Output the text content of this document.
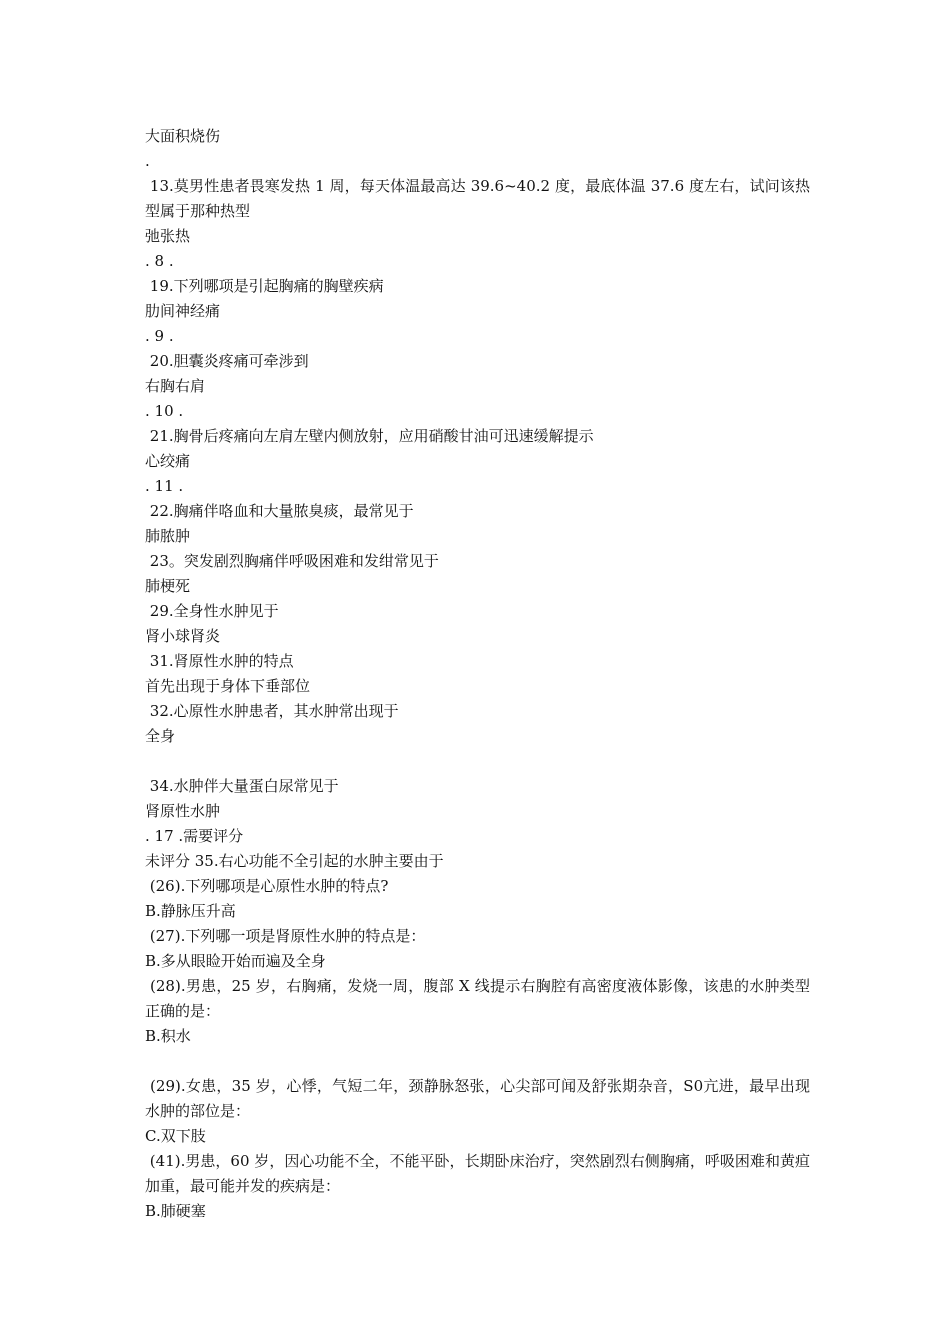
大面积烧伤
.
13.莫男性患者畏寒发热 1 周，每天体温最高达 39.6~40.2 度，最底体温 37.6 度左右，试问该热型属于那种热型
弛张热
. 8 .
19.下列哪项是引起胸痛的胸壁疾病
肋间神经痛
. 9 .
20.胆囊炎疼痛可牵涉到
右胸右肩
. 10 .
21.胸骨后疼痛向左肩左壁内侧放射，应用硝酸甘油可迅速缓解提示
心绞痛
. 11 .
22.胸痛伴咯血和大量脓臭痰，最常见于
肺脓肿
23。突发剧烈胸痛伴呼吸困难和发绀常见于
肺梗死
29.全身性水肿见于
肾小球肾炎
31.肾原性水肿的特点
首先出现于身体下垂部位
32.心原性水肿患者，其水肿常出现于
全身
34.水肿伴大量蛋白尿常见于
肾原性水肿
. 17 .需要评分
未评分 35.右心功能不全引起的水肿主要由于
(26).下列哪项是心原性水肿的特点?
B.静脉压升高
(27).下列哪一项是肾原性水肿的特点是：
B.多从眼睑开始而遍及全身
(28).男患，25 岁，右胸痛，发烧一周，腹部 X 线提示右胸腔有高密度液体影像，该患的水肿类型正确的是：
B.积水
(29).女患，35 岁，心悸，气短二年，颈静脉怒张，心尖部可闻及舒张期杂音，S0亢进，最早出现水肿的部位是：
C.双下肢
(41).男患，60 岁，因心功能不全，不能平卧，长期卧床治疗，突然剧烈右侧胸痛，呼吸困难和黄疸加重，最可能并发的疾病是：
B.肺硬塞
